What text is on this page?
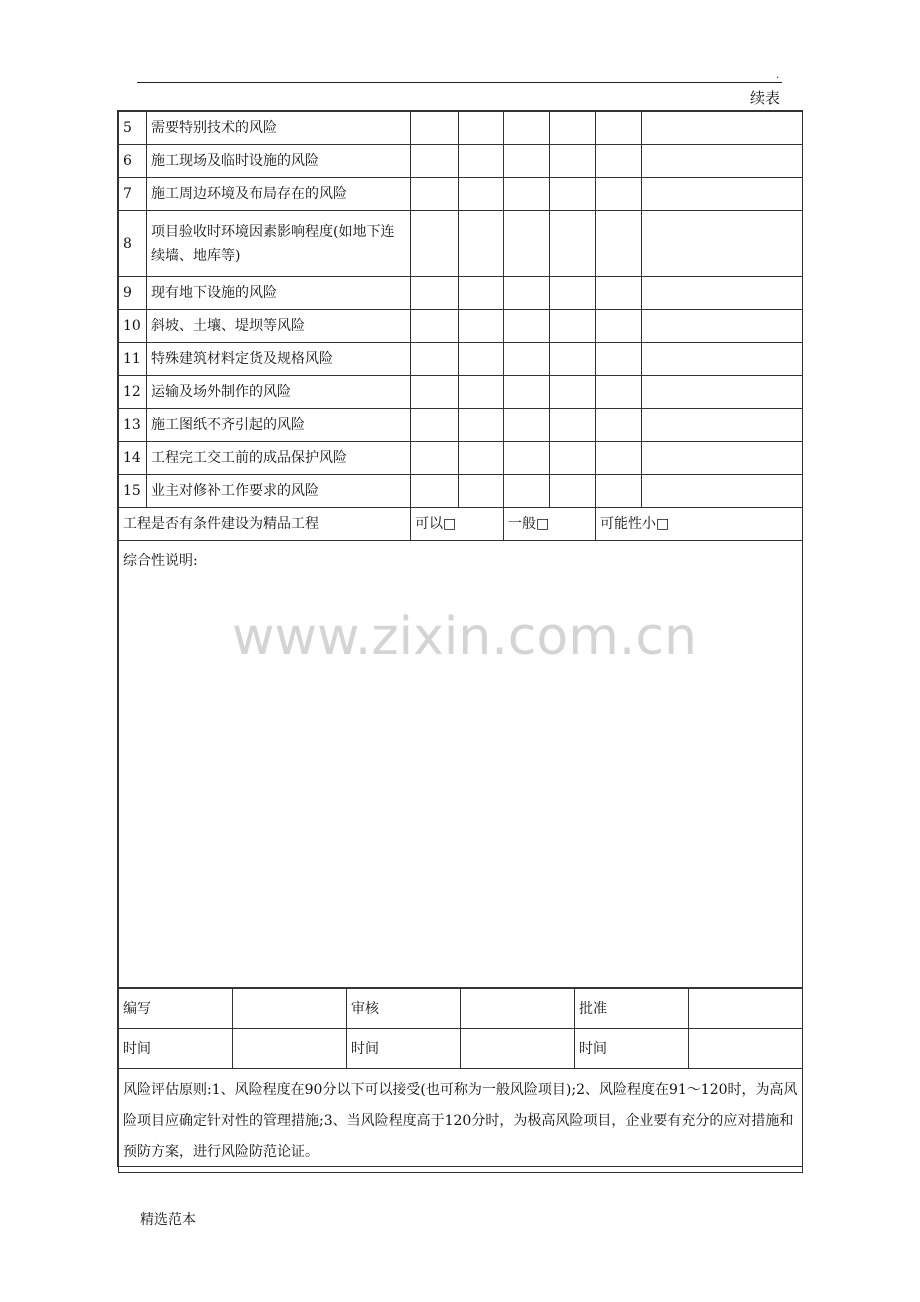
.
续表
5	需要特别技术的风险						
6	施工现场及临时设施的风险						
7	施工周边环境及布局存在的风险						
8	项目验收时环境因素影响程度(如地下连续墙、地库等)						
9	现有地下设施的风险						
10	斜坡、土壤、堤坝等风险						
11	特殊建筑材料定货及规格风险						
12	运输及场外制作的风险						
13	施工图纸不齐引起的风险						
14	工程完工交工前的成品保护风险						
15	业主对修补工作要求的风险						
工程是否有条件建设为精品工程		可以□		一般□		可能性小□	
综合性说明:							
编写		审核		批准	
时间		时间		时间	
风险评估原则:1、风险程度在90分以下可以接受(也可称为一般风险项目);2、风险程度在91～120时，为高风险项目应确定针对性的管理措施;3、当风险程度高于120分时，为极高风险项目，企业要有充分的应对措施和预防方案，进行风险防范论证。					
www.zixin.com.cn
精选范本
